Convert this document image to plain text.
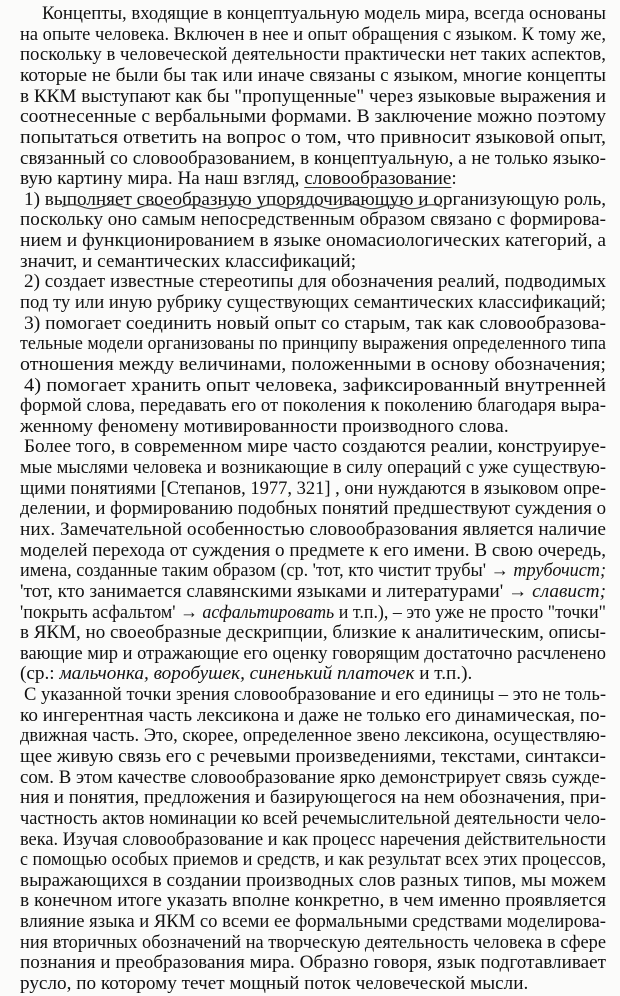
Концепты, входящие в концептуальную модель мира, всегда основаны
на опыте человека. Включен в нее и опыт обращения с языком. К тому же,
поскольку в человеческой деятельности практически нет таких аспектов,
которые не были бы так или иначе связаны с языком, многие концепты
в ККМ выступают как бы "пропущенные" через языковые выражения и
соотнесенные с вербальными формами. В заключение можно поэтому
попытаться ответить на вопрос о том, что привносит языковой опыт,
связанный со словообразованием, в концептуальную, а не только языко-
вую картину мира. На наш взгляд, словообразование:
1) выполняет своеобразную упорядочивающую и организующую роль,
поскольку оно самым непосредственным образом связано с формирова-
нием и функционированием в языке ономасиологических категорий, а
значит, и семантических классификаций;
2) создает известные стереотипы для обозначения реалий, подводимых
под ту или иную рубрику существующих семантических классификаций;
3) помогает соединить новый опыт со старым, так как словообразова-
тельные модели организованы по принципу выражения определенного типа
отношения между величинами, положенными в основу обозначения;
4) помогает хранить опыт человека, зафиксированный внутренней
формой слова, передавать его от поколения к поколению благодаря выра-
женному феномену мотивированности производного слова.
Более того, в современном мире часто создаются реалии, конструируе-
мые мыслями человека и возникающие в силу операций с уже существую-
щими понятиями [Степанов, 1977, 321] , они нуждаются в языковом опре-
делении, и формированию подобных понятий предшествуют суждения о
них. Замечательной особенностью словообразования является наличие
моделей перехода от суждения о предмете к его имени. В свою очередь,
имена, созданные таким образом (ср. 'тот, кто чистит трубы' → трубочист;
'тот, кто занимается славянскими языками и литературами' → славист;
'покрыть асфальтом' → асфальтировать и т.п.), – это уже не просто "точки"
в ЯКМ, но своеобразные дескрипции, близкие к аналитическим, описы-
вающие мир и отражающие его оценку говорящим достаточно расчленено
(ср.: мальчонка, воробушек, синенький платочек и т.п.).
С указанной точки зрения словообразование и его единицы – это не толь-
ко ингерентная часть лексикона и даже не только его динамическая, по-
движная часть. Это, скорее, определенное звено лексикона, осуществляю-
щее живую связь его с речевыми произведениями, текстами, синтакси-
сом. В этом качестве словообразование ярко демонстрирует связь сужде-
ния и понятия, предложения и базирующегося на нем обозначения, при-
частность актов номинации ко всей речемыслительной деятельности чело-
века. Изучая словообразование и как процесс наречения действительности
с помощью особых приемов и средств, и как результат всех этих процессов,
выражающихся в создании производных слов разных типов, мы можем
в конечном итоге указать вполне конкретно, в чем именно проявляется
влияние языка и ЯКМ со всеми ее формальными средствами моделирова-
ния вторичных обозначений на творческую деятельность человека в сфере
познания и преобразования мира. Образно говоря, язык подготавливает
русло, по которому течет мощный поток человеческой мысли.
